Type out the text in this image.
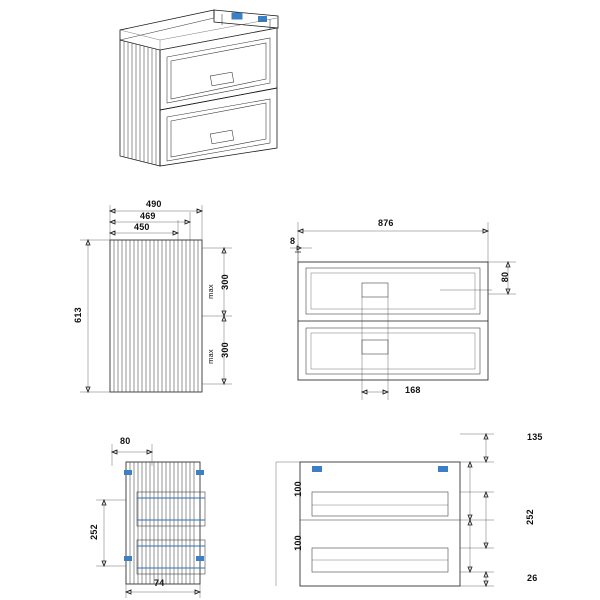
490
469
450
613
300
300
max
max
876
8
80
168
80
252
74
135
100
100
252
26
